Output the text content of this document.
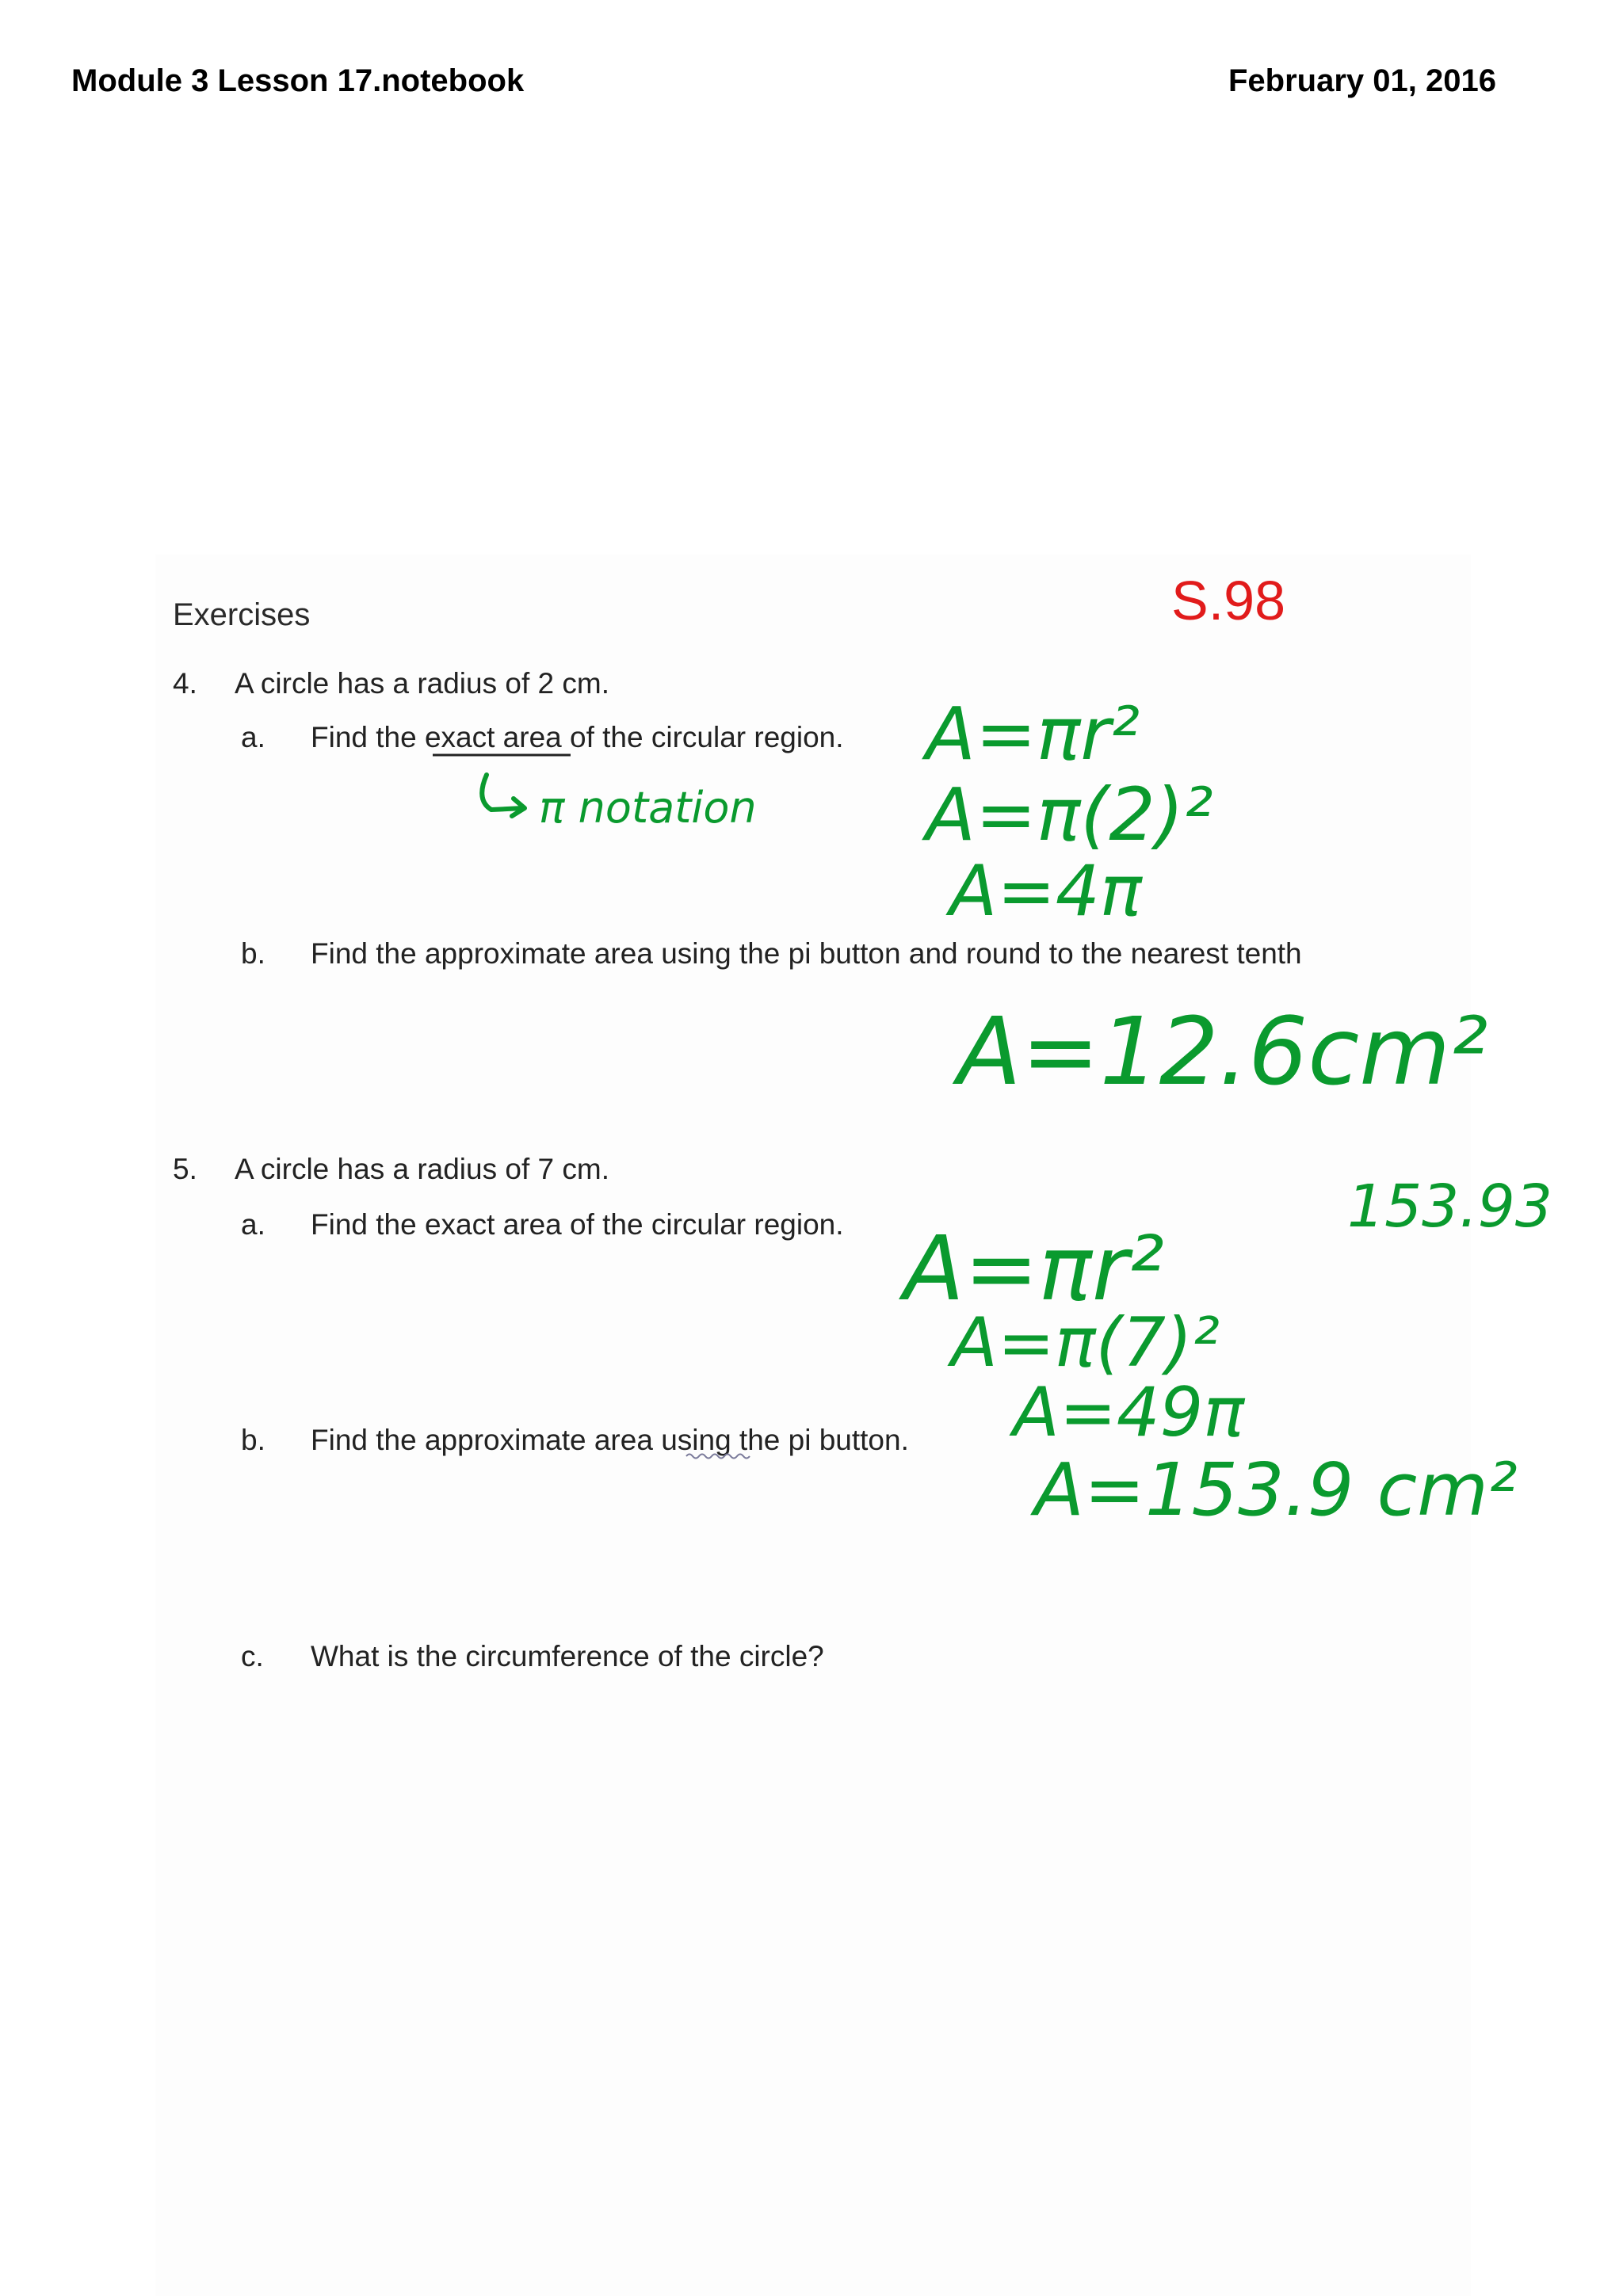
Module 3 Lesson 17.notebook	February 01, 2016
Exercises	S.98
4. A circle has a radius of 2 cm.
a. Find the exact area of the circular region.
b. Find the approximate area using the pi button and round to the nearest tenth
5. A circle has a radius of 7 cm.
a. Find the exact area of the circular region.
b. Find the approximate area using the pi button.
c. What is the circumference of the circle?
π notation
A=πr²
A=π(2)²
A=4π
A=12.6cm²
153.93
A=πr²
A=π(7)²
A=49π
A=153.9 cm²
